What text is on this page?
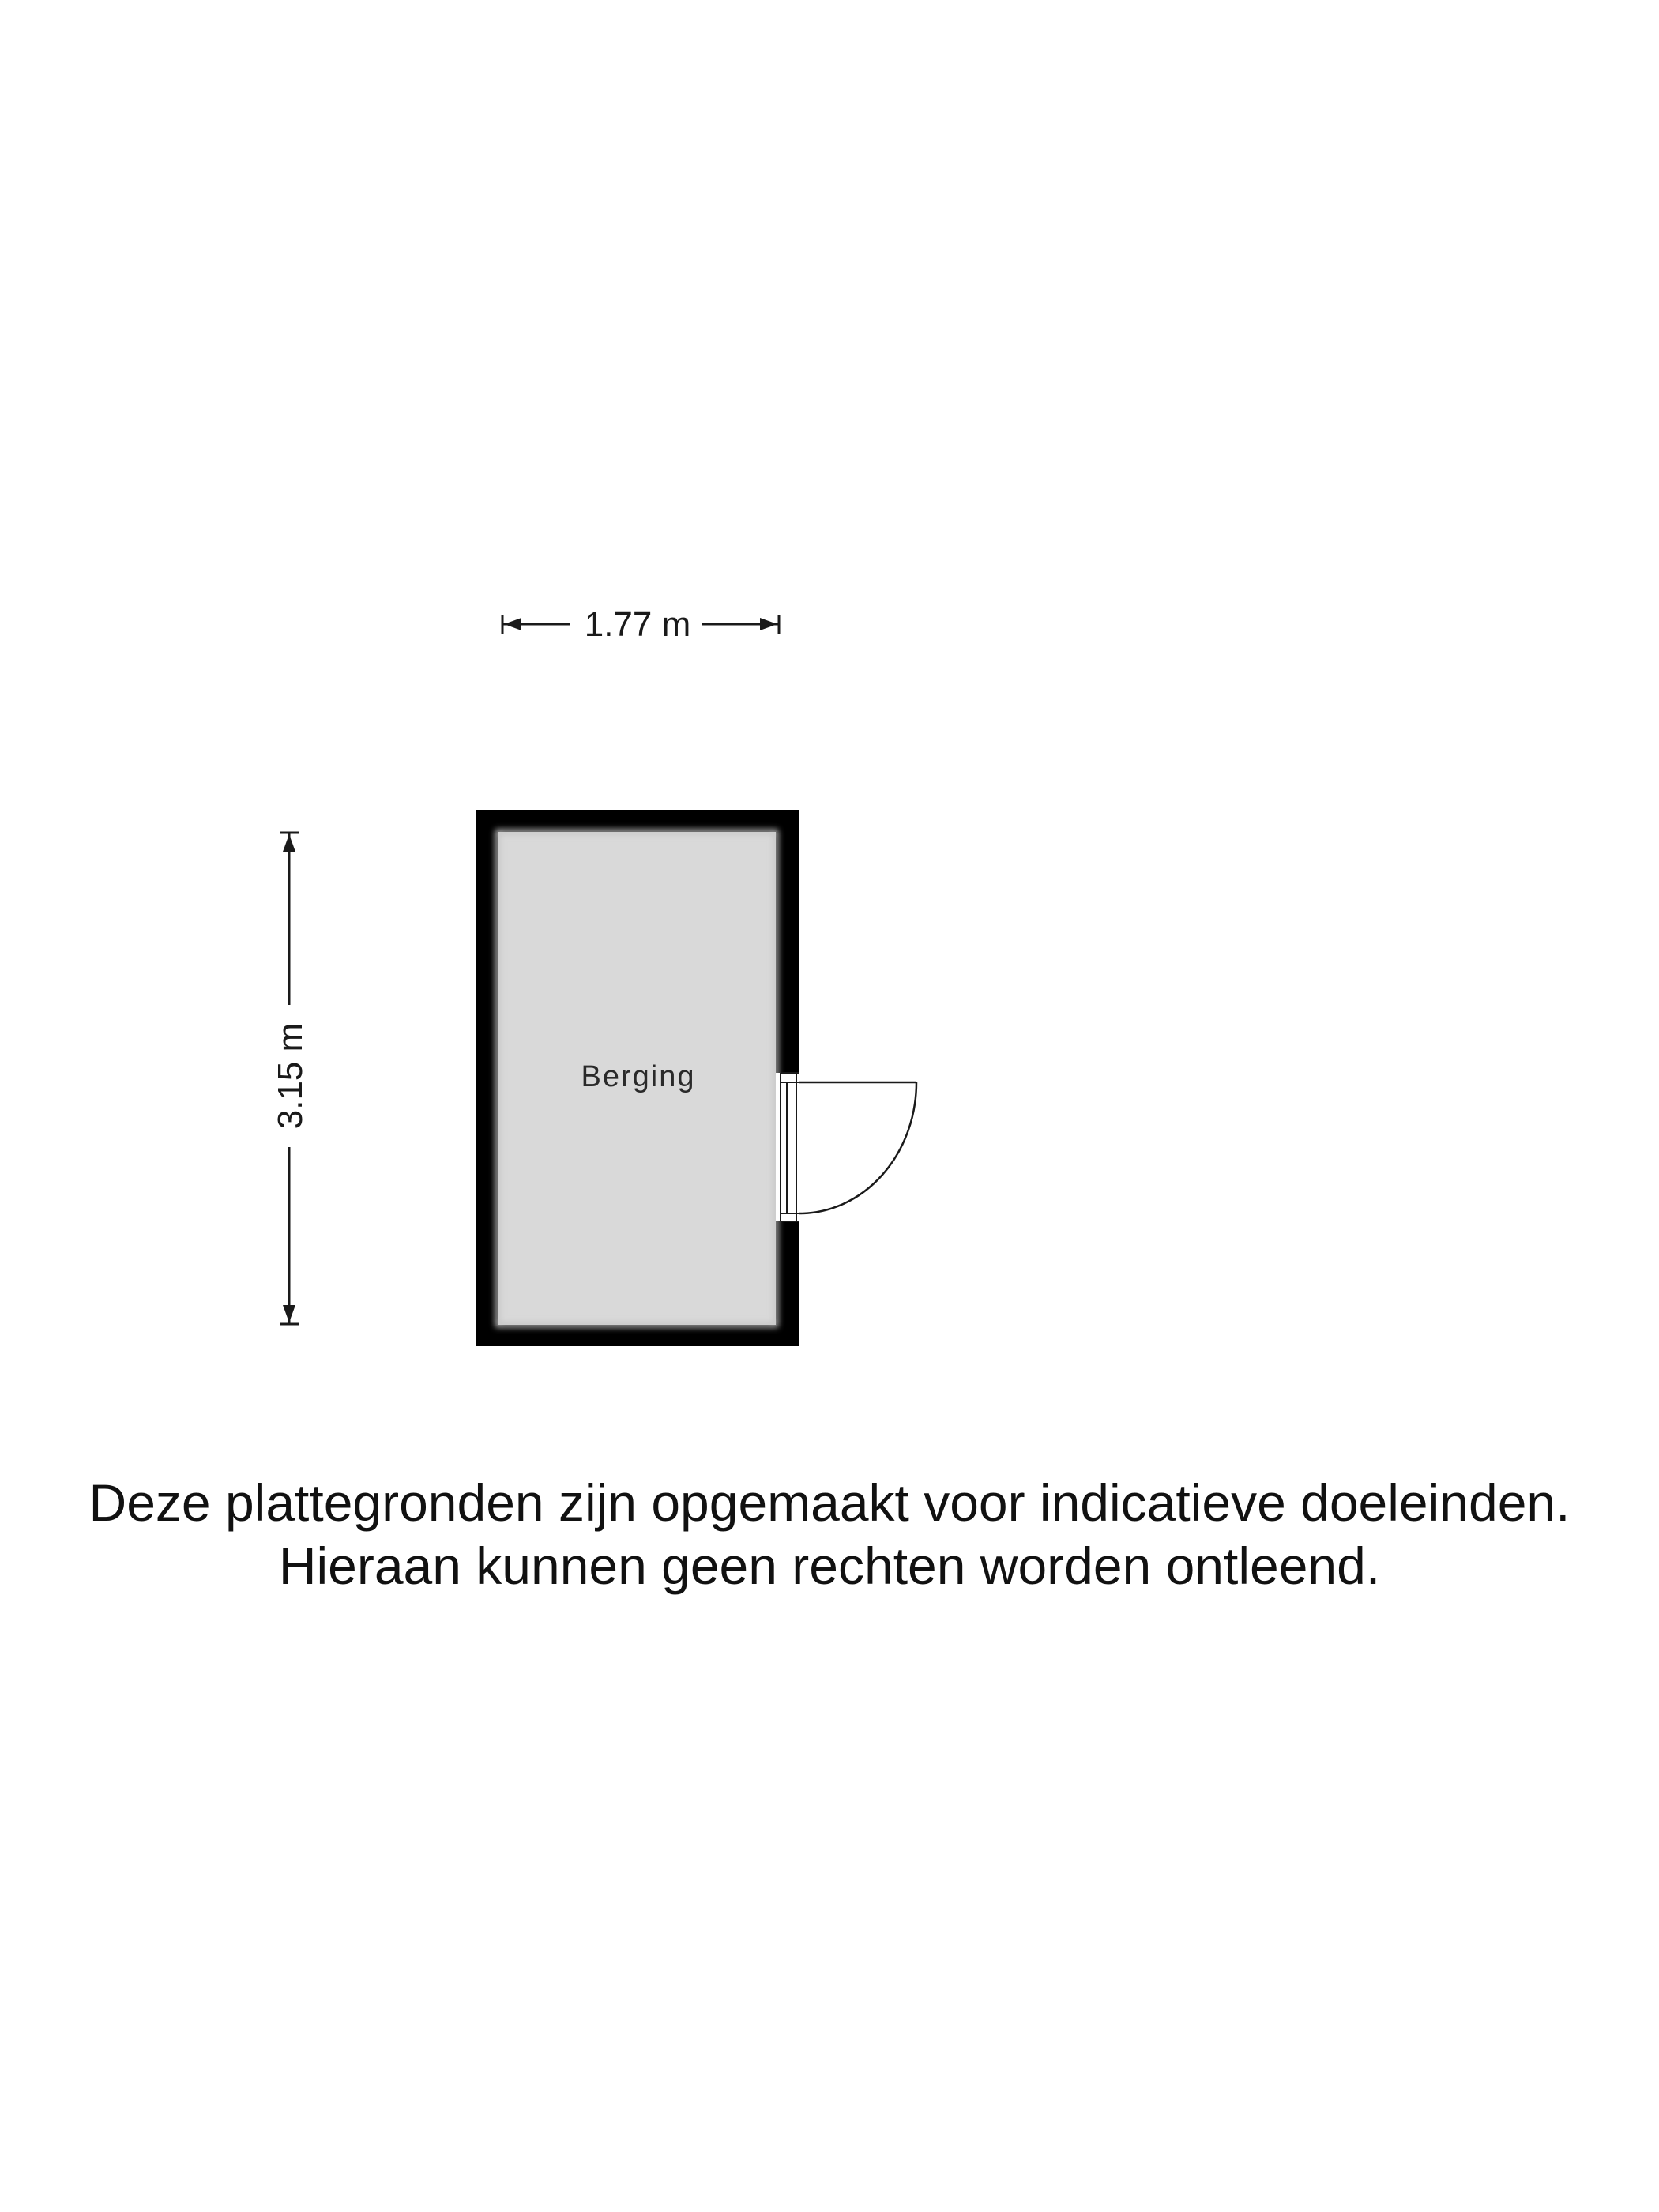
1.77 m
3.15 m	Berging
Deze plattegronden zijn opgemaakt voor indicatieve doeleinden.
Hieraan kunnen geen rechten worden ontleend.
